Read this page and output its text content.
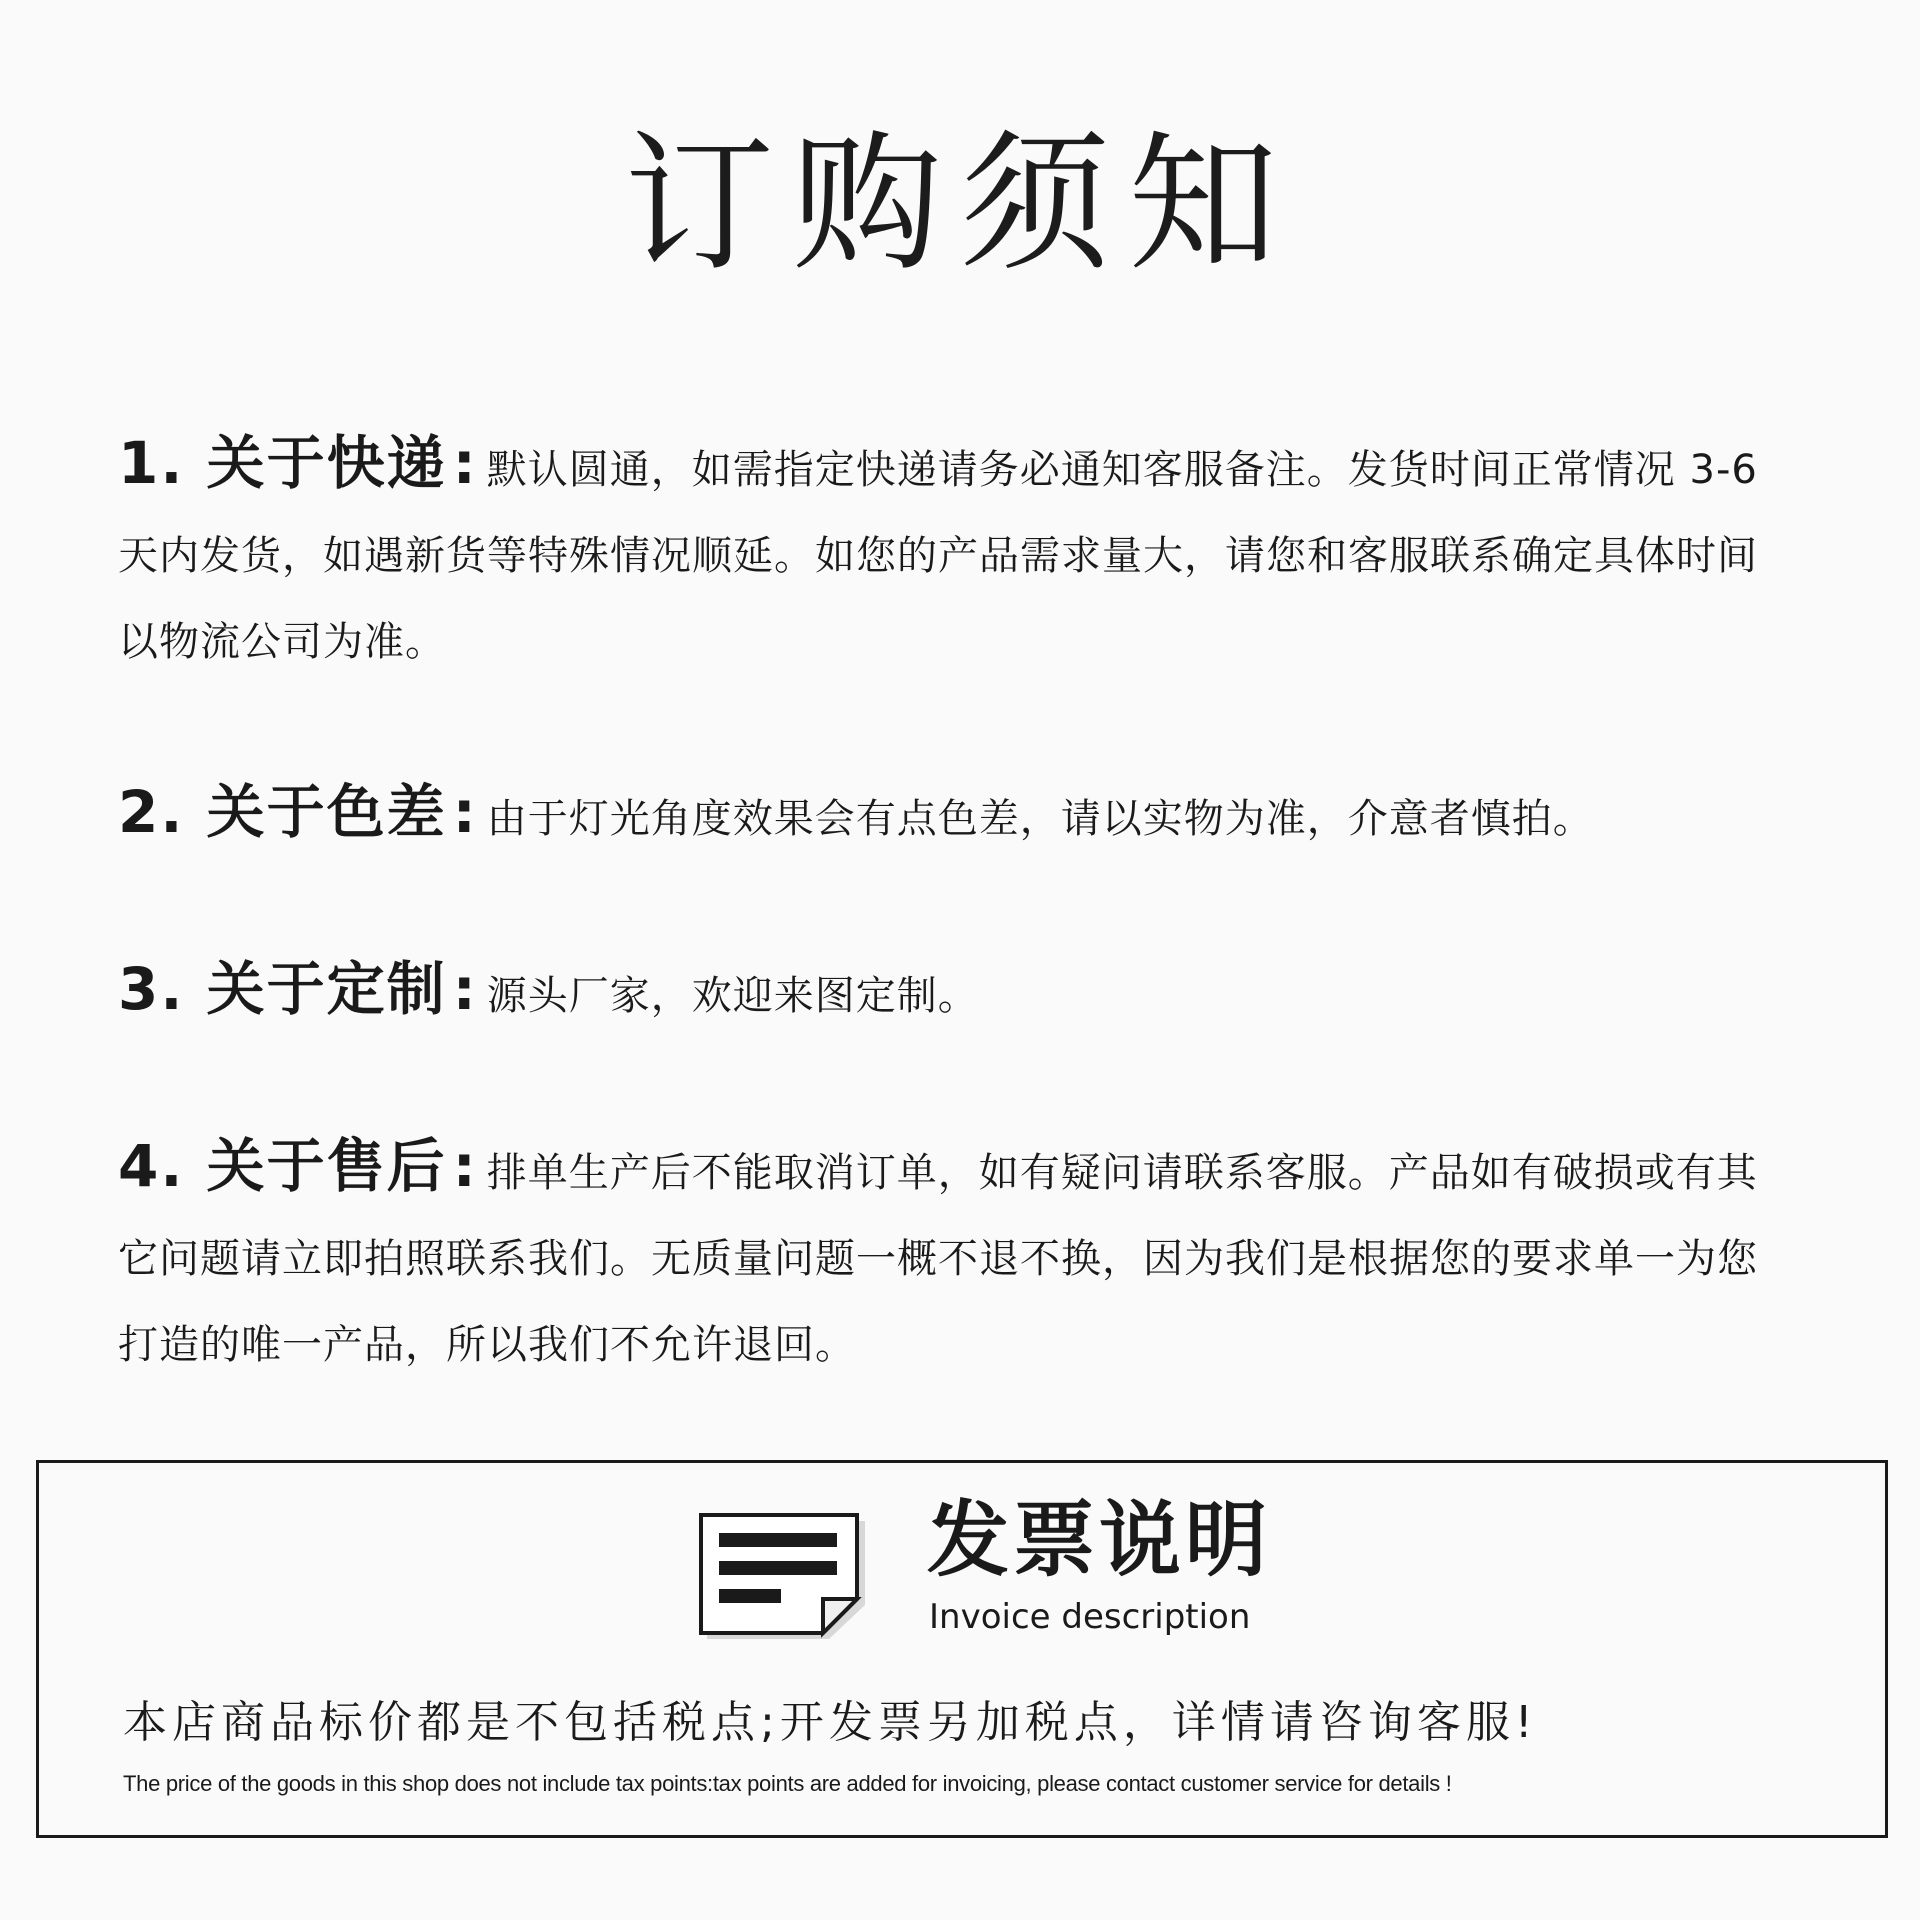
订购须知
1. 关于快递 : 默认圆通，如需指定快递请务必通知客服备注。发货时间正常情况 3-6 天内发货，如遇新货等特殊情况顺延。如您的产品需求量大，请您和客服联系确定具体时间以物流公司为准。
2. 关于色差 : 由于灯光角度效果会有点色差，请以实物为准，介意者慎拍。
3. 关于定制 : 源头厂家，欢迎来图定制。
4. 关于售后 : 排单生产后不能取消订单，如有疑问请联系客服。产品如有破损或有其它问题请立即拍照联系我们。无质量问题一概不退不换，因为我们是根据您的要求单一为您打造的唯一产品，所以我们不允许退回。
发票说明
Invoice description
本店商品标价都是不包括税点;开发票另加税点，详情请咨询客服!
The price of the goods in this shop does not include tax points:tax points are added for invoicing, please contact customer service for details !
